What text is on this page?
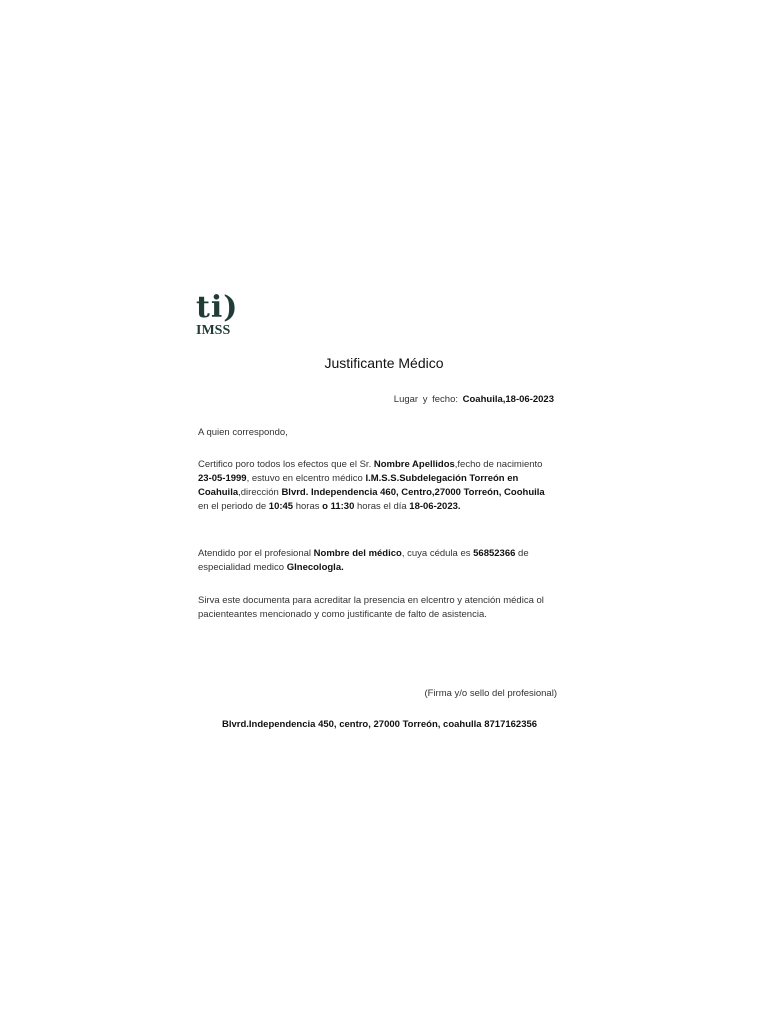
ti)
IMSS
Justificante Médico
Lugar y fecho: Coahuila,18-06-2023
A quien correspondo,
Certifico poro todos los efectos que el Sr. Nombre Apellidos,fecho de nacimiento 23-05-1999, estuvo en elcentro médico I.M.S.S.Subdelegación Torreón en Coahuila,dirección Blvrd. Independencia 460, Centro,27000 Torreón, Coohuila en el periodo de 10:45 horas o 11:30 horas el día 18-06-2023.
Atendido por el profesional Nombre del médico, cuya cédula es 56852366 de especialidad medico GInecologla.
Sirva este documenta para acreditar la presencia en elcentro y atención médica ol pacienteantes mencionado y como justificante de falto de asistencia.
(Firma y/o sello del profesional)
Blvrd.Independencia 450, centro, 27000 Torreón, coahulla 8717162356
